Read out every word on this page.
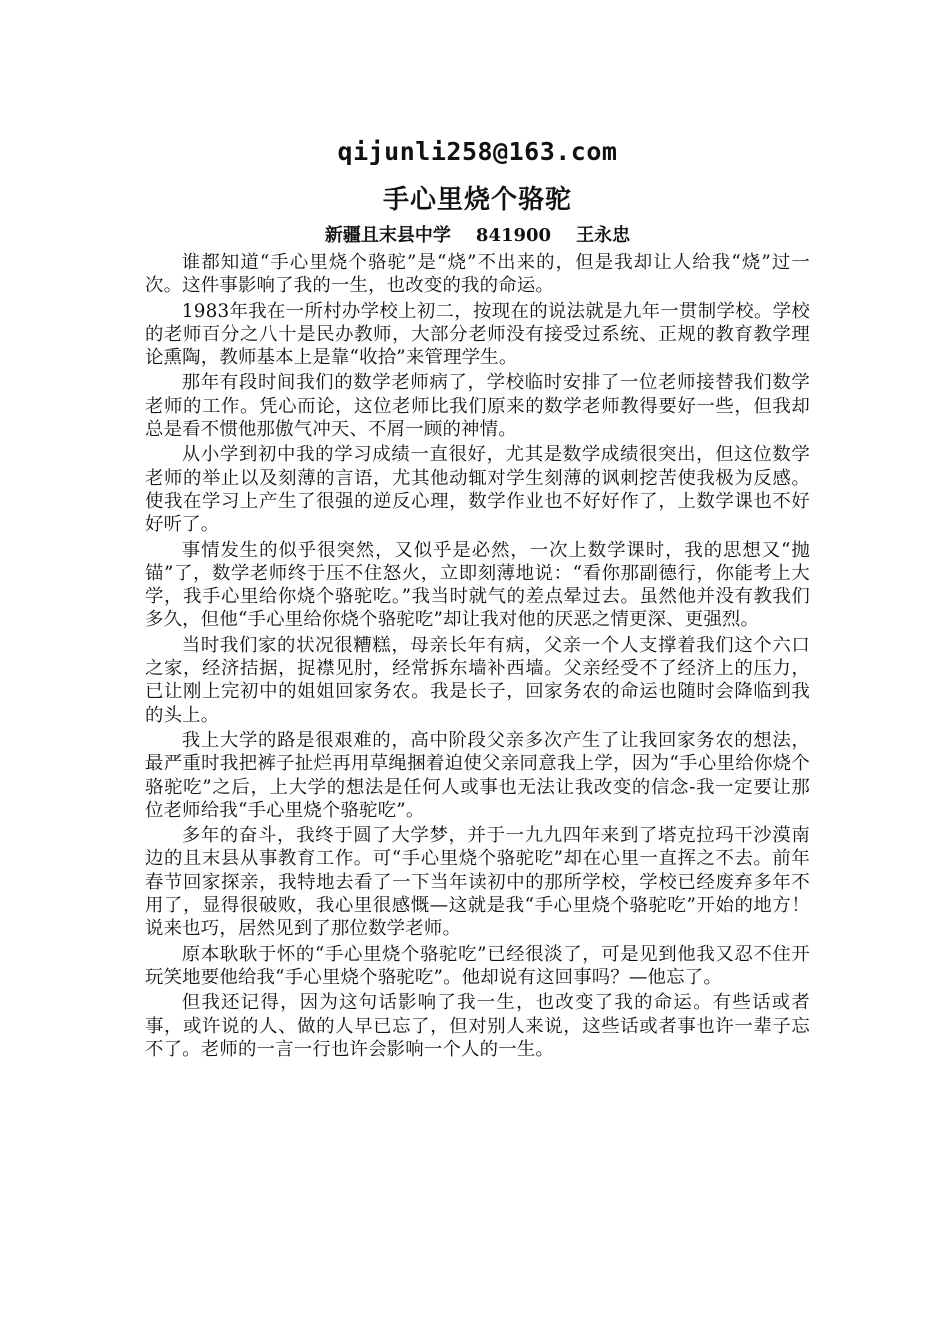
qijunli258@163.com
手心里烧个骆驼
新疆且末县中学    841900    王永忠

谁都知道“手心里烧个骆驼”是“烧”不出来的，但是我却让人给我“烧”过一次。这件事影响了我的一生，也改变的我的命运。

1983年我在一所村办学校上初二，按现在的说法就是九年一贯制学校。学校的老师百分之八十是民办教师，大部分老师没有接受过系统、正规的教育教学理论熏陶，教师基本上是靠“收拾”来管理学生。

那年有段时间我们的数学老师病了，学校临时安排了一位老师接替我们数学老师的工作。凭心而论，这位老师比我们原来的数学老师教得要好一些，但我却总是看不惯他那傲气冲天、不屑一顾的神情。

从小学到初中我的学习成绩一直很好，尤其是数学成绩很突出，但这位数学老师的举止以及刻薄的言语，尤其他动辄对学生刻薄的讽刺挖苦使我极为反感。使我在学习上产生了很强的逆反心理，数学作业也不好好作了，上数学课也不好好听了。

事情发生的似乎很突然，又似乎是必然，一次上数学课时，我的思想又“抛锚”了，数学老师终于压不住怒火，立即刻薄地说：“看你那副德行，你能考上大学，我手心里给你烧个骆驼吃。”我当时就气的差点晕过去。虽然他并没有教我们多久，但他“手心里给你烧个骆驼吃”却让我对他的厌恶之情更深、更强烈。

当时我们家的状况很糟糕，母亲长年有病，父亲一个人支撑着我们这个六口之家，经济拮据，捉襟见肘，经常拆东墙补西墙。父亲经受不了经济上的压力，已让刚上完初中的姐姐回家务农。我是长子，回家务农的命运也随时会降临到我的头上。

我上大学的路是很艰难的，高中阶段父亲多次产生了让我回家务农的想法，最严重时我把裤子扯烂再用草绳捆着迫使父亲同意我上学，因为“手心里给你烧个骆驼吃”之后，上大学的想法是任何人或事也无法让我改变的信念-我一定要让那位老师给我“手心里烧个骆驼吃”。

多年的奋斗，我终于圆了大学梦，并于一九九四年来到了塔克拉玛干沙漠南边的且末县从事教育工作。可“手心里烧个骆驼吃”却在心里一直挥之不去。前年春节回家探亲，我特地去看了一下当年读初中的那所学校，学校已经废弃多年不用了，显得很破败，我心里很感慨—这就是我“手心里烧个骆驼吃”开始的地方！说来也巧，居然见到了那位数学老师。

原本耿耿于怀的“手心里烧个骆驼吃”已经很淡了，可是见到他我又忍不住开玩笑地要他给我“手心里烧个骆驼吃”。他却说有这回事吗？—他忘了。

但我还记得，因为这句话影响了我一生，也改变了我的命运。有些话或者事，或许说的人、做的人早已忘了，但对别人来说，这些话或者事也许一辈子忘不了。老师的一言一行也许会影响一个人的一生。
